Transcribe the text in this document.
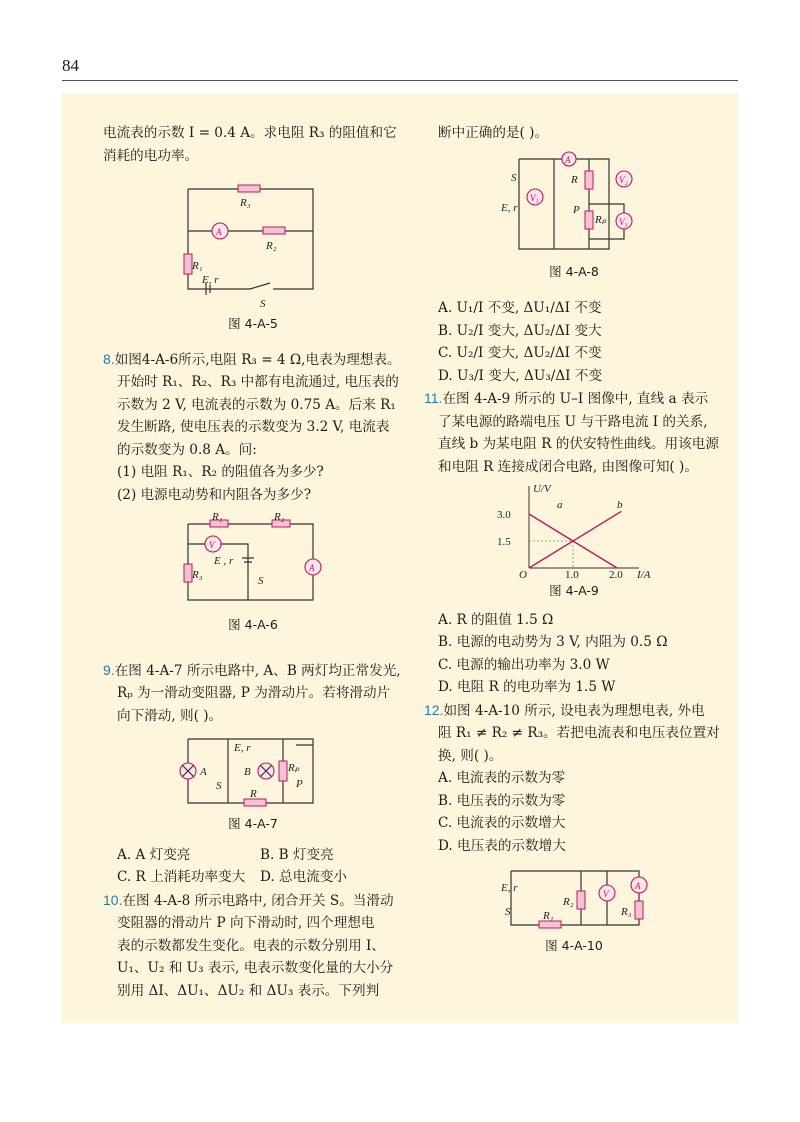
84

电流表的示数 I = 0.4 A。求电阻 R₃ 的阻值和它

消耗的电功率。

R₃
A
R₂
R₁
E, r
S
图 4-A-5

8.如图4-A-6所示,电阻 R₃ = 4 Ω,电表为理想表。

开始时 R₁、R₂、R₃ 中都有电流通过, 电压表的

示数为 2 V, 电流表的示数为 0.75 A。后来 R₁

发生断路, 使电压表的示数变为 3.2 V, 电流表

的示数变为 0.8 A。问:

(1) 电阻 R₁、R₂ 的阻值各为多少?

(2) 电源电动势和内阻各为多少?

R₁	R₂
V
R₃
E , r
S
A
图 4-A-6

9.在图 4-A-7 所示电路中, A、B 两灯均正常发光,

Rₚ 为一滑动变阻器, P 为滑动片。若将滑动片

向下滑动, 则( )。

A
E, r
S
B	Rₚ
P
R
图 4-A-7
A. A 灯变亮	B. B 灯变亮
C. R 上消耗功率变大	D. 总电流变小

10.在图 4-A-8 所示电路中, 闭合开关 S。当滑动

变阻器的滑动片 P 向下滑动时, 四个理想电

表的示数都发生变化。电表的示数分别用 I、

U₁、U₂ 和 U₃ 表示, 电表示数变化量的大小分

别用 ΔI、ΔU₁、ΔU₂ 和 ΔU₃ 表示。下列判

断中正确的是( )。

A
S
E, r
V₁
R	V₂
P
Rₚ V₃
图 4-A-8

A. U₁/I 不变, ΔU₁/ΔI 不变

B. U₂/I 变大, ΔU₂/ΔI 变大

C. U₂/I 变大, ΔU₂/ΔI 不变

D. U₃/I 变大, ΔU₃/ΔI 不变

11.在图 4-A-9 所示的 U–I 图像中, 直线 a 表示

了某电源的路端电压 U 与干路电流 I 的关系,

直线 b 为某电阻 R 的伏安特性曲线。用该电源

和电阻 R 连接成闭合电路, 由图像可知( )。

U/V
I/A
O
3.0
1.5
1.0	2.0
a	b
图 4-A-9

A. R 的阻值 1.5 Ω

B. 电源的电动势为 3 V, 内阻为 0.5 Ω

C. 电源的输出功率为 3.0 W

D. 电阻 R 的电功率为 1.5 W

12.如图 4-A-10 所示, 设电表为理想电表, 外电

阻 R₁ ≠ R₂ ≠ R₃。若把电流表和电压表位置对

换, 则( )。

A. 电流表的示数为零

B. 电压表的示数为零

C. 电流表的示数增大

D. 电压表的示数增大

E, r
S
R₂
V
A
R₃
R₁
图 4-A-10
